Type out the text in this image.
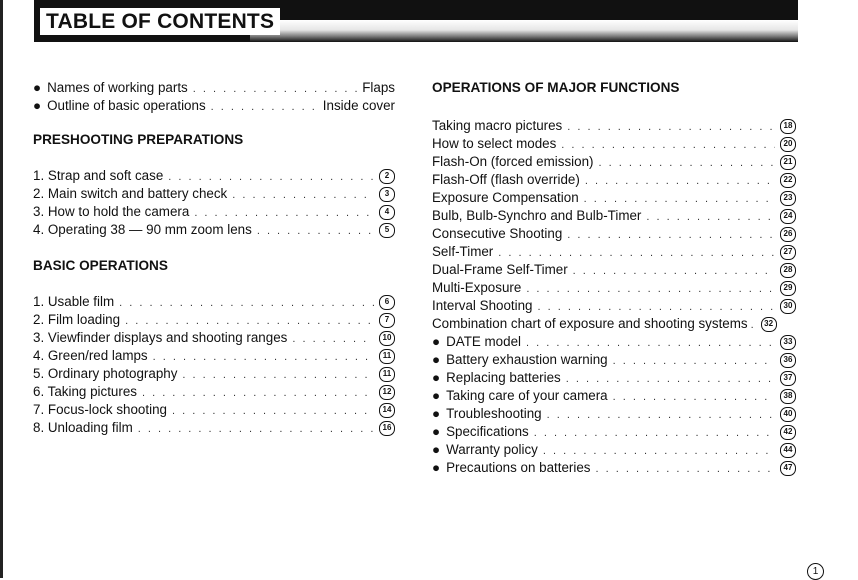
TABLE OF CONTENTS
● Names of working parts . . .	Flaps
● Outline of basic operations . . .	Inside cover
PRESHOOTING PREPARATIONS
1. Strap and soft case . . .	2
2. Main switch and battery check . . .	3
3. How to hold the camera . . .	4
4. Operating 38 — 90 mm zoom lens . . .	5
BASIC OPERATIONS
1. Usable film . . .	6
2. Film loading . . .	7
3. Viewfinder displays and shooting ranges . . .	10
4. Green/red lamps . . .	11
5. Ordinary photography . . .	11
6. Taking pictures . . .	12
7. Focus-lock shooting . . .	14
8. Unloading film . . .	16
OPERATIONS OF MAJOR FUNCTIONS
Taking macro pictures . . .	18
How to select modes . . .	20
Flash-On (forced emission) . . .	21
Flash-Off (flash override) . . .	22
Exposure Compensation . . .	23
Bulb, Bulb-Synchro and Bulb-Timer . . .	24
Consecutive Shooting . . .	26
Self-Timer . . .	27
Dual-Frame Self-Timer . . .	28
Multi-Exposure . . .	29
Interval Shooting . . .	30
Combination chart of exposure and shooting systems . . .	32
● DATE model . . .	33
● Battery exhaustion warning . . .	36
● Replacing batteries . . .	37
● Taking care of your camera . . .	38
● Troubleshooting . . .	40
● Specifications . . .	42
● Warranty policy . . .	44
● Precautions on batteries . . .	47
1
